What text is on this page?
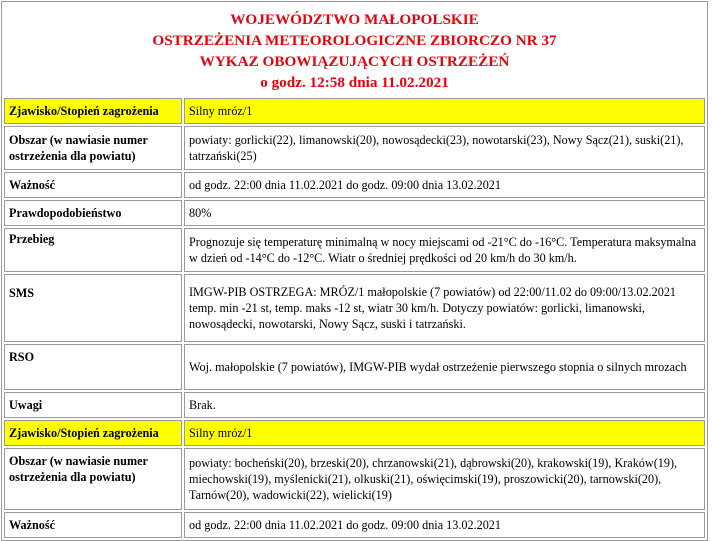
WOJEWÓDZTWO MAŁOPOLSKIE
OSTRZEŻENIA METEOROLOGICZNE ZBIORCZO NR 37
WYKAZ OBOWIĄZUJĄCYCH OSTRZEŻEŃ
o godz. 12:58 dnia 11.02.2021
Zjawisko/Stopień zagrożenia	Silny mróz/1
Obszar (w nawiasie numer ostrzeżenia dla powiatu)	powiaty: gorlicki(22), limanowski(20), nowosądecki(23), nowotarski(23), Nowy Sącz(21), suski(21), tatrzański(25)
Ważność	od godz. 22:00 dnia 11.02.2021 do godz. 09:00 dnia 13.02.2021
Prawdopodobieństwo	80%
Przebieg	Prognozuje się temperaturę minimalną w nocy miejscami od -21°C do -16°C. Temperatura maksymalna w dzień od -14°C do -12°C. Wiatr o średniej prędkości od 20 km/h do 30 km/h.
SMS	IMGW-PIB OSTRZEGA: MRÓZ/1 małopolskie (7 powiatów) od 22:00/11.02 do 09:00/13.02.2021 temp. min -21 st, temp. maks -12 st, wiatr 30 km/h. Dotyczy powiatów: gorlicki, limanowski, nowosądecki, nowotarski, Nowy Sącz, suski i tatrzański.
RSO	Woj. małopolskie (7 powiatów), IMGW-PIB wydał ostrzeżenie pierwszego stopnia o silnych mrozach
Uwagi	Brak.
Zjawisko/Stopień zagrożenia	Silny mróz/1
Obszar (w nawiasie numer ostrzeżenia dla powiatu)	powiaty: bocheński(20), brzeski(20), chrzanowski(21), dąbrowski(20), krakowski(19), Kraków(19), miechowski(19), myślenicki(21), olkuski(21), oświęcimski(19), proszowicki(20), tarnowski(20), Tarnów(20), wadowicki(22), wielicki(19)
Ważność	od godz. 22:00 dnia 11.02.2021 do godz. 09:00 dnia 13.02.2021
